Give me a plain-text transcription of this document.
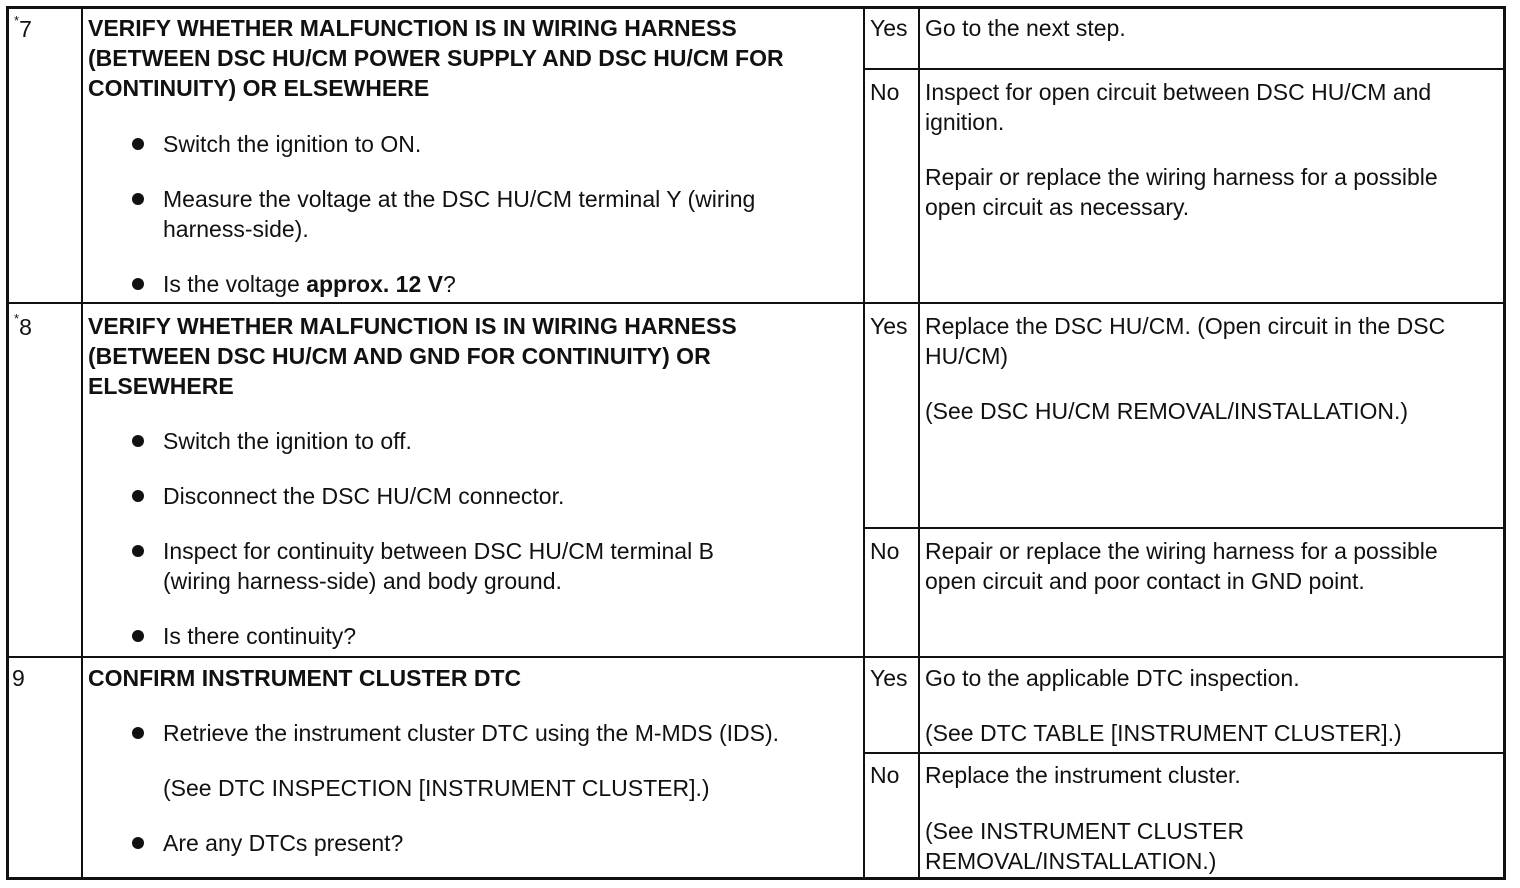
*7 VERIFY WHETHER MALFUNCTION IS IN WIRING HARNESS
(BETWEEN DSC HU/CM POWER SUPPLY AND DSC HU/CM FOR
CONTINUITY) OR ELSEWHERE
Switch the ignition to ON.
Measure the voltage at the DSC HU/CM terminal Y (wiring
harness-side).
Is the voltage approx. 12 V?
Yes Go to the next step.
No Inspect for open circuit between DSC HU/CM and
ignition.
Repair or replace the wiring harness for a possible
open circuit as necessary.
*8 VERIFY WHETHER MALFUNCTION IS IN WIRING HARNESS
(BETWEEN DSC HU/CM AND GND FOR CONTINUITY) OR
ELSEWHERE
Switch the ignition to off.
Disconnect the DSC HU/CM connector.
Inspect for continuity between DSC HU/CM terminal B
(wiring harness-side) and body ground.
Is there continuity?
Yes Replace the DSC HU/CM. (Open circuit in the DSC
HU/CM)
(See DSC HU/CM REMOVAL/INSTALLATION.)
No Repair or replace the wiring harness for a possible
open circuit and poor contact in GND point.
9	CONFIRM INSTRUMENT CLUSTER DTC
Retrieve the instrument cluster DTC using the M-MDS (IDS).
(See DTC INSPECTION [INSTRUMENT CLUSTER].)
Are any DTCs present?
Yes Go to the applicable DTC inspection.
(See DTC TABLE [INSTRUMENT CLUSTER].)
No Replace the instrument cluster.
(See INSTRUMENT CLUSTER
REMOVAL/INSTALLATION.)
